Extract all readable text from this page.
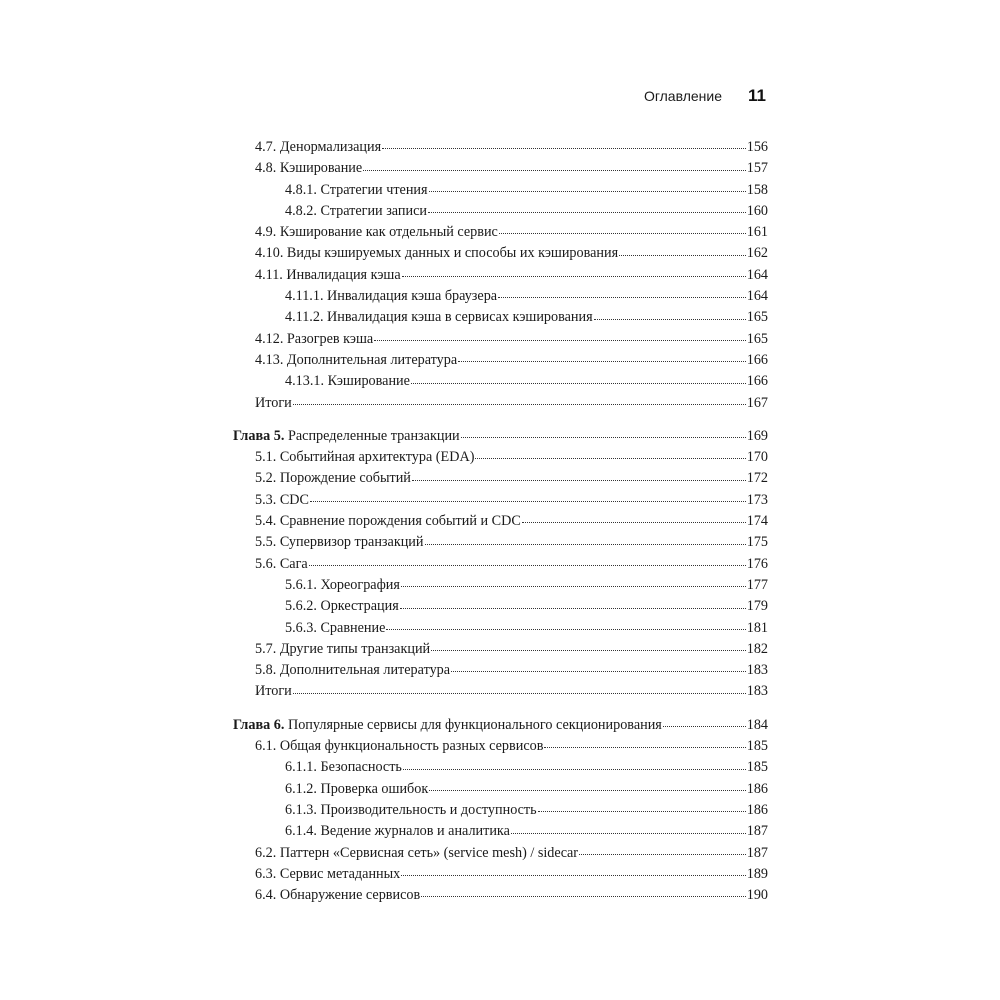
Оглавление 11
4.7. Денормализация	156
4.8. Кэширование	157
4.8.1. Стратегии чтения	158
4.8.2. Стратегии записи	160
4.9. Кэширование как отдельный сервис	161
4.10. Виды кэшируемых данных и способы их кэширования	162
4.11. Инвалидация кэша	164
4.11.1. Инвалидация кэша браузера	164
4.11.2. Инвалидация кэша в сервисах кэширования	165
4.12. Разогрев кэша	165
4.13. Дополнительная литература	166
4.13.1. Кэширование	166
Итоги	167
Глава 5. Распределенные транзакции	169
5.1. Событийная архитектура (EDA)	170
5.2. Порождение событий	172
5.3. CDC	173
5.4. Сравнение порождения событий и CDC	174
5.5. Супервизор транзакций	175
5.6. Сага	176
5.6.1. Хореография	177
5.6.2. Оркестрация	179
5.6.3. Сравнение	181
5.7. Другие типы транзакций	182
5.8. Дополнительная литература	183
Итоги	183
Глава 6. Популярные сервисы для функционального секционирования	184
6.1. Общая функциональность разных сервисов	185
6.1.1. Безопасность	185
6.1.2. Проверка ошибок	186
6.1.3. Производительность и доступность	186
6.1.4. Ведение журналов и аналитика	187
6.2. Паттерн «Сервисная сеть» (service mesh) / sidecar	187
6.3. Сервис метаданных	189
6.4. Обнаружение сервисов	190
